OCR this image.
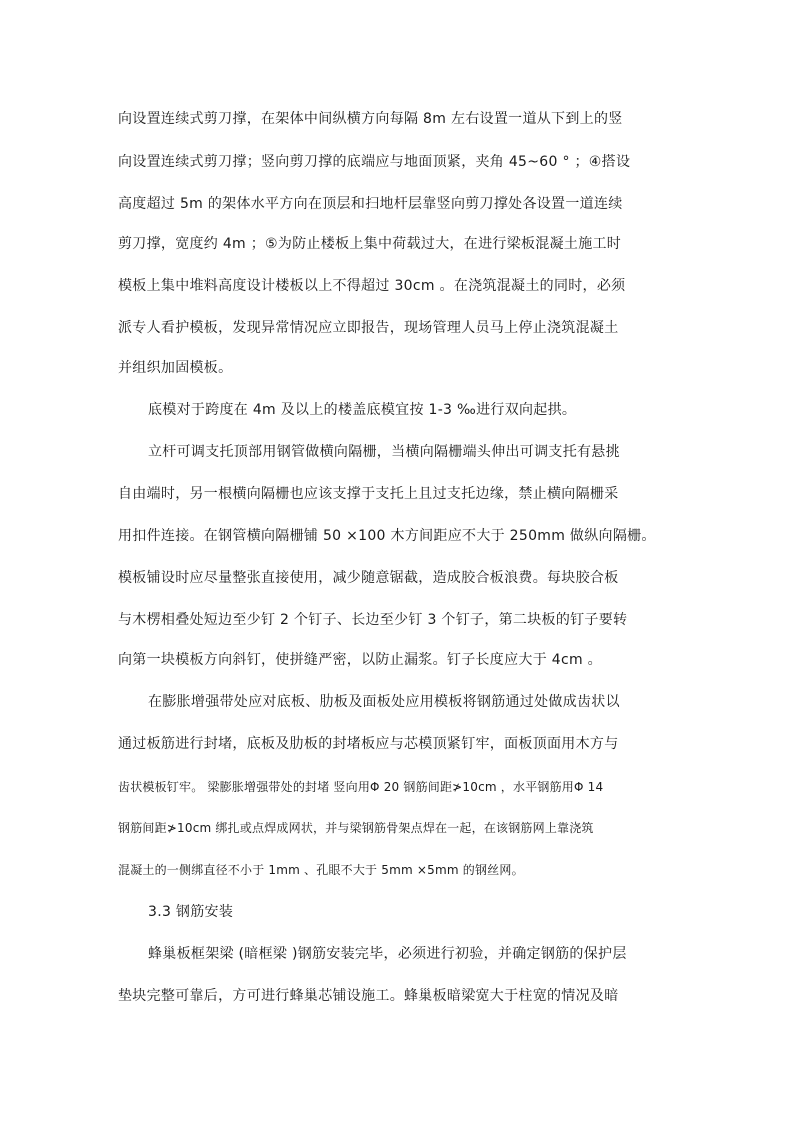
向设置连续式剪刀撑，在架体中间纵横方向每隔 8m 左右设置一道从下到上的竖
向设置连续式剪刀撑；竖向剪刀撑的底端应与地面顶紧，夹角 45~60 ° ；④搭设
高度超过 5m 的架体水平方向在顶层和扫地杆层靠竖向剪刀撑处各设置一道连续
剪刀撑，宽度约 4m ；⑤为防止楼板上集中荷载过大，在进行梁板混凝土施工时
模板上集中堆料高度设计楼板以上不得超过 30cm 。在浇筑混凝土的同时，必须
派专人看护模板，发现异常情况应立即报告，现场管理人员马上停止浇筑混凝土
并组织加固模板。
底模对于跨度在 4m 及以上的楼盖底模宜按 1-3 ‰进行双向起拱。
立杆可调支托顶部用钢管做横向隔栅，当横向隔栅端头伸出可调支托有悬挑
自由端时，另一根横向隔栅也应该支撑于支托上且过支托边缘，禁止横向隔栅采
用扣件连接。在钢管横向隔栅铺 50 ×100 木方间距应不大于 250mm 做纵向隔栅。
模板铺设时应尽量整张直接使用，减少随意锯截，造成胶合板浪费。每块胶合板
与木楞相叠处短边至少钉 2 个钉子、长边至少钉 3 个钉子，第二块板的钉子要转
向第一块模板方向斜钉，使拼缝严密，以防止漏浆。钉子长度应大于 4cm 。
在膨胀增强带处应对底板、肋板及面板处应用模板将钢筋通过处做成齿状以
通过板筋进行封堵，底板及肋板的封堵板应与芯模顶紧钉牢，面板顶面用木方与
齿状模板钉牢。 梁膨胀增强带处的封堵 竖向用Φ 20 钢筋间距≯10cm ，水平钢筋用Φ 14
钢筋间距≯10cm 绑扎或点焊成网状，并与梁钢筋骨架点焊在一起，在该钢筋网上靠浇筑
混凝土的一侧绑直径不小于 1mm 、孔眼不大于 5mm ×5mm 的钢丝网。
3.3 钢筋安装
蜂巢板框架梁 (暗框梁 )钢筋安装完毕，必须进行初验，并确定钢筋的保护层
垫块完整可靠后，方可进行蜂巢芯铺设施工。蜂巢板暗梁宽大于柱宽的情况及暗
